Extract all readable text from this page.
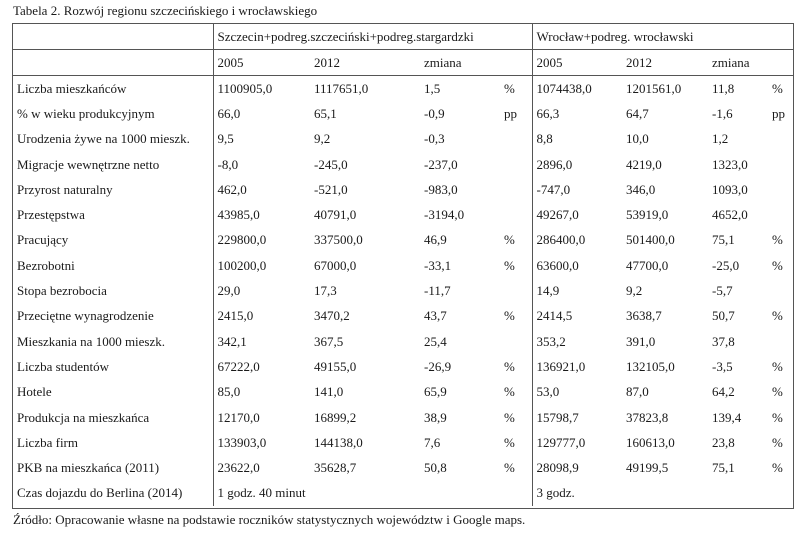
Tabela 2. Rozwój regionu szczecińskiego i wrocławskiego
	Szczecin+podreg.szczeciński+podreg.stargardzki				Wrocław+podreg. wrocławski			
	2005	2012	zmiana		2005	2012	zmiana	
Liczba mieszkańców	1100905,0	1117651,0	1,5	%	1074438,0	1201561,0	11,8	%
% w wieku produkcyjnym	66,0	65,1	-0,9	pp	66,3	64,7	-1,6	pp
Urodzenia żywe na 1000 mieszk.	9,5	9,2	-0,3		8,8	10,0	1,2	
Migracje wewnętrzne netto	-8,0	-245,0	-237,0		2896,0	4219,0	1323,0	
Przyrost naturalny	462,0	-521,0	-983,0		-747,0	346,0	1093,0	
Przestępstwa	43985,0	40791,0	-3194,0		49267,0	53919,0	4652,0	
Pracujący	229800,0	337500,0	46,9	%	286400,0	501400,0	75,1	%
Bezrobotni	100200,0	67000,0	-33,1	%	63600,0	47700,0	-25,0	%
Stopa bezrobocia	29,0	17,3	-11,7		14,9	9,2	-5,7	
Przeciętne wynagrodzenie	2415,0	3470,2	43,7	%	2414,5	3638,7	50,7	%
Mieszkania na 1000 mieszk.	342,1	367,5	25,4		353,2	391,0	37,8	
Liczba studentów	67222,0	49155,0	-26,9	%	136921,0	132105,0	-3,5	%
Hotele	85,0	141,0	65,9	%	53,0	87,0	64,2	%
Produkcja na mieszkańca	12170,0	16899,2	38,9	%	15798,7	37823,8	139,4	%
Liczba firm	133903,0	144138,0	7,6	%	129777,0	160613,0	23,8	%
PKB na mieszkańca (2011)	23622,0	35628,7	50,8	%	28098,9	49199,5	75,1	%
Czas dojazdu do Berlina (2014)	1 godz. 40 minut				3 godz.			
Źródło: Opracowanie własne na podstawie roczników statystycznych województw i Google maps.
